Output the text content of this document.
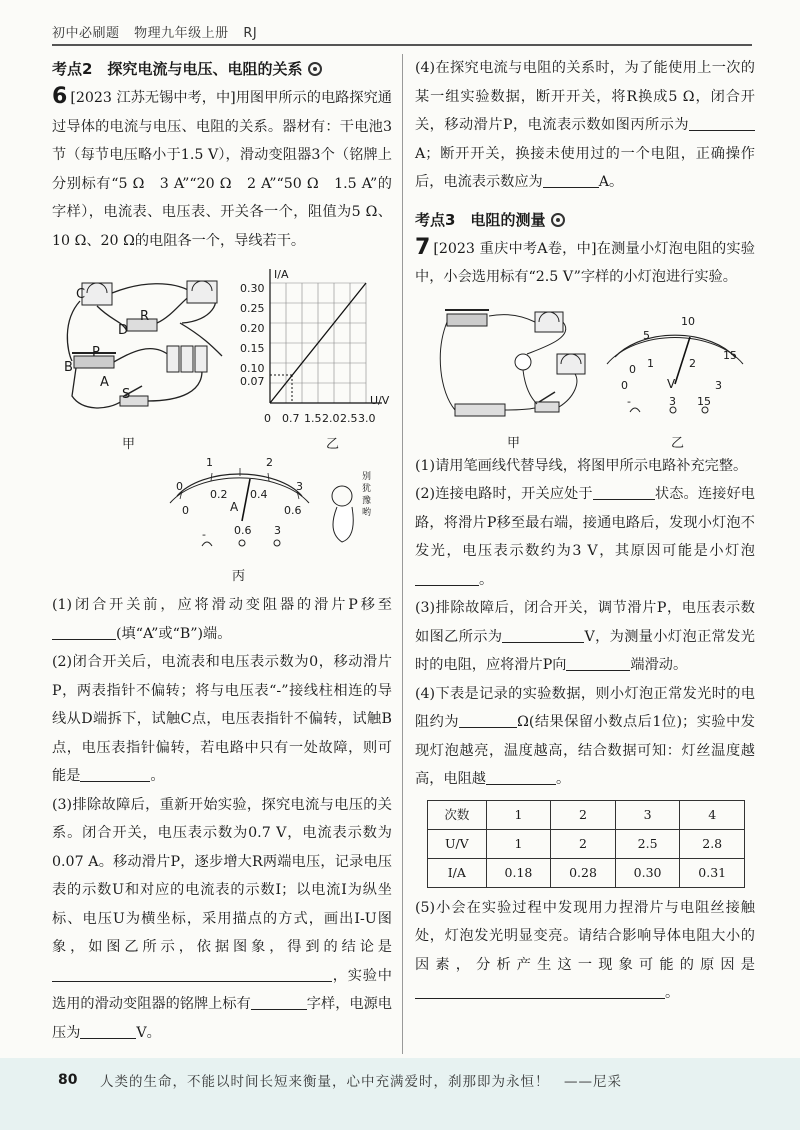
初中必刷题 物理九年级上册 RJ
考点2　探究电流与电压、电阻的关系

6 [2023 江苏无锡中考，中]用图甲所示的电路探究通过导体的电流与电压、电阻的关系。器材有：干电池3节（每节电压略小于1.5 V），滑动变阻器3个（铭牌上分别标有“5 Ω　3 A”“20 Ω　2 A”“50 Ω　1.5 A”的字样），电流表、电压表、开关各一个，阻值为5 Ω、10 Ω、20 Ω的电阻各一个，导线若干。

C
R
D
P
B
A
S
甲
I/A
U/V
0.30
0.25
0.20
0.15
0.10
0.07
0 0.7 1.5 2.0 2.5 3.0
乙
0
1	2
3
0
0.2 0.4
0.6
A
-	0.6 3
别犹豫哟
丙

(1)闭合开关前，应将滑动变阻器的滑片P移至(填“A”或“B”)端。

(2)闭合开关后，电流表和电压表示数为0，移动滑片P，两表指针不偏转；将与电压表“-”接线柱相连的导线从D端拆下，试触C点，电压表指针不偏转，试触B点，电压表指针偏转，若电路中只有一处故障，则可能是	。

(3)排除故障后，重新开始实验，探究电流与电压的关系。闭合开关，电压表示数为0.7 V，电流表示数为0.07 A。移动滑片P，逐步增大R两端电压，记录电压表的示数U和对应的电流表的示数I；以电流I为纵坐标、电压U为横坐标，采用描点的方式，画出I-U图象，如图乙所示，依据图象，得到的结论是，实验中选用的滑动变阻器的铭牌上标有	字样，电源电压为	V。

(4)在探究电流与电阻的关系时，为了能使用上一次的某一组实验数据，断开开关，将R换成5 Ω，闭合开关，移动滑片P，电流表示数如图丙所示为A；断开开关，换接未使用过的一个电阻，正确操作后，电流表示数应为	A。

考点3　电阻的测量

7 [2023 重庆中考A卷，中]在测量小灯泡电阻的实验中，小会选用标有“2.5 V”字样的小灯泡进行实验。

0
5
10
15
0
1	2
3
V
-	3 15
甲	乙

(1)请用笔画线代替导线，将图甲所示电路补充完整。

(2)连接电路时，开关应处于	状态。连接好电路，将滑片P移至最右端，接通电路后，发现小灯泡不发光，电压表示数约为3 V，其原因可能是小灯泡。

(3)排除故障后，闭合开关，调节滑片P，电压表示数如图乙所示为	V，为测量小灯泡正常发光时的电阻，应将滑片P向	端滑动。

(4)下表是记录的实验数据，则小灯泡正常发光时的电阻约为	Ω(结果保留小数点后1位)；实验中发现灯泡越亮，温度越高，结合数据可知：灯丝温度越高，电阻越	。

次数	1	2	3	4
U/V	1	2	2.5	2.8
I/A	0.18	0.28	0.30	0.31

(5)小会在实验过程中发现用力捏滑片与电阻丝接触处，灯泡发光明显变亮。请结合影响导体电阻大小的因素，分析产生这一现象可能的原因是。

80 人类的生命，不能以时间长短来衡量，心中充满爱时，刹那即为永恒！　——尼采
